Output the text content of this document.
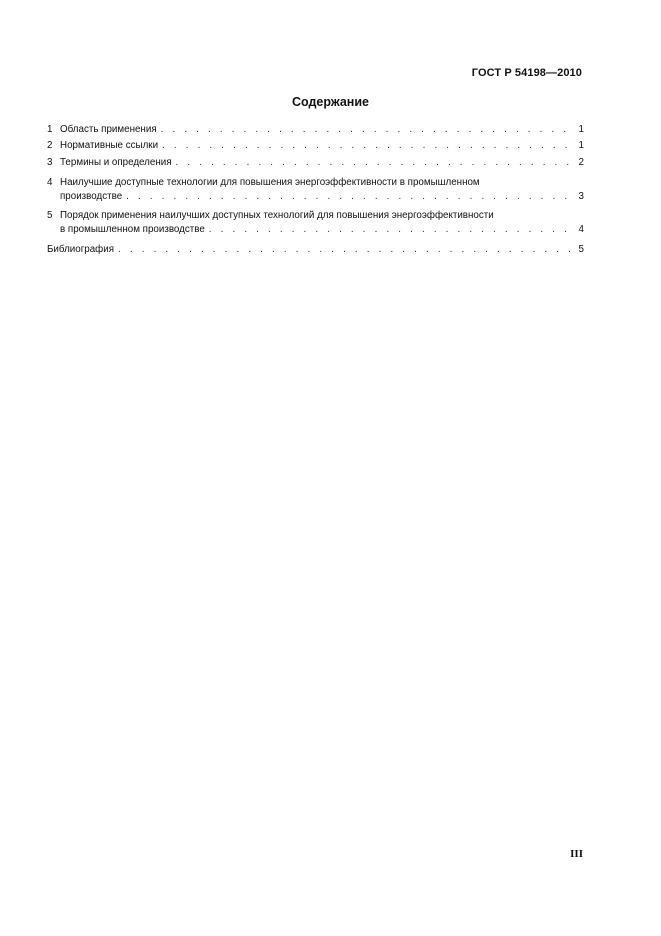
ГОСТ Р 54198—2010
Содержание
1 Область применения . . .	1
2 Нормативные ссылки . . .	1
3 Термины и определения . . .	2
4 Наилучшие доступные технологии для повышения энергоэффективности в промышленном
производстве . . .	3
5 Порядок применения наилучших доступных технологий для повышения энергоэффективности
в промышленном производстве . . .	4
Библиография . . .	5
III
